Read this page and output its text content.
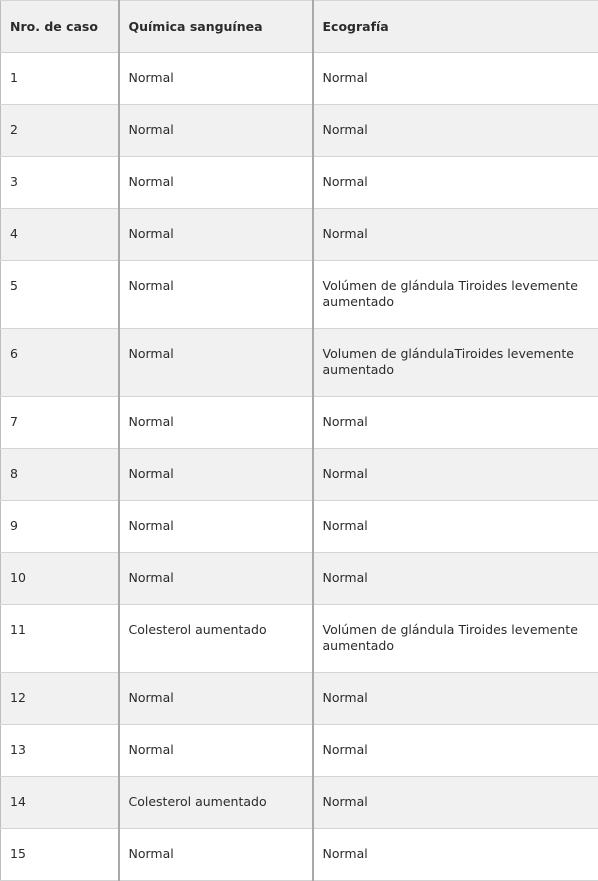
Nro. de caso	Química sanguínea	Ecografía
1	Normal	Normal
2	Normal	Normal
3	Normal	Normal
4	Normal	Normal
5	Normal	Volúmen de glándula Tiroides levemente aumentado
6	Normal	Volumen de glándulaTiroides levemente aumentado
7	Normal	Normal
8	Normal	Normal
9	Normal	Normal
10	Normal	Normal
11	Colesterol aumentado	Volúmen de glándula Tiroides levemente aumentado
12	Normal	Normal
13	Normal	Normal
14	Colesterol aumentado	Normal
15	Normal	Normal
